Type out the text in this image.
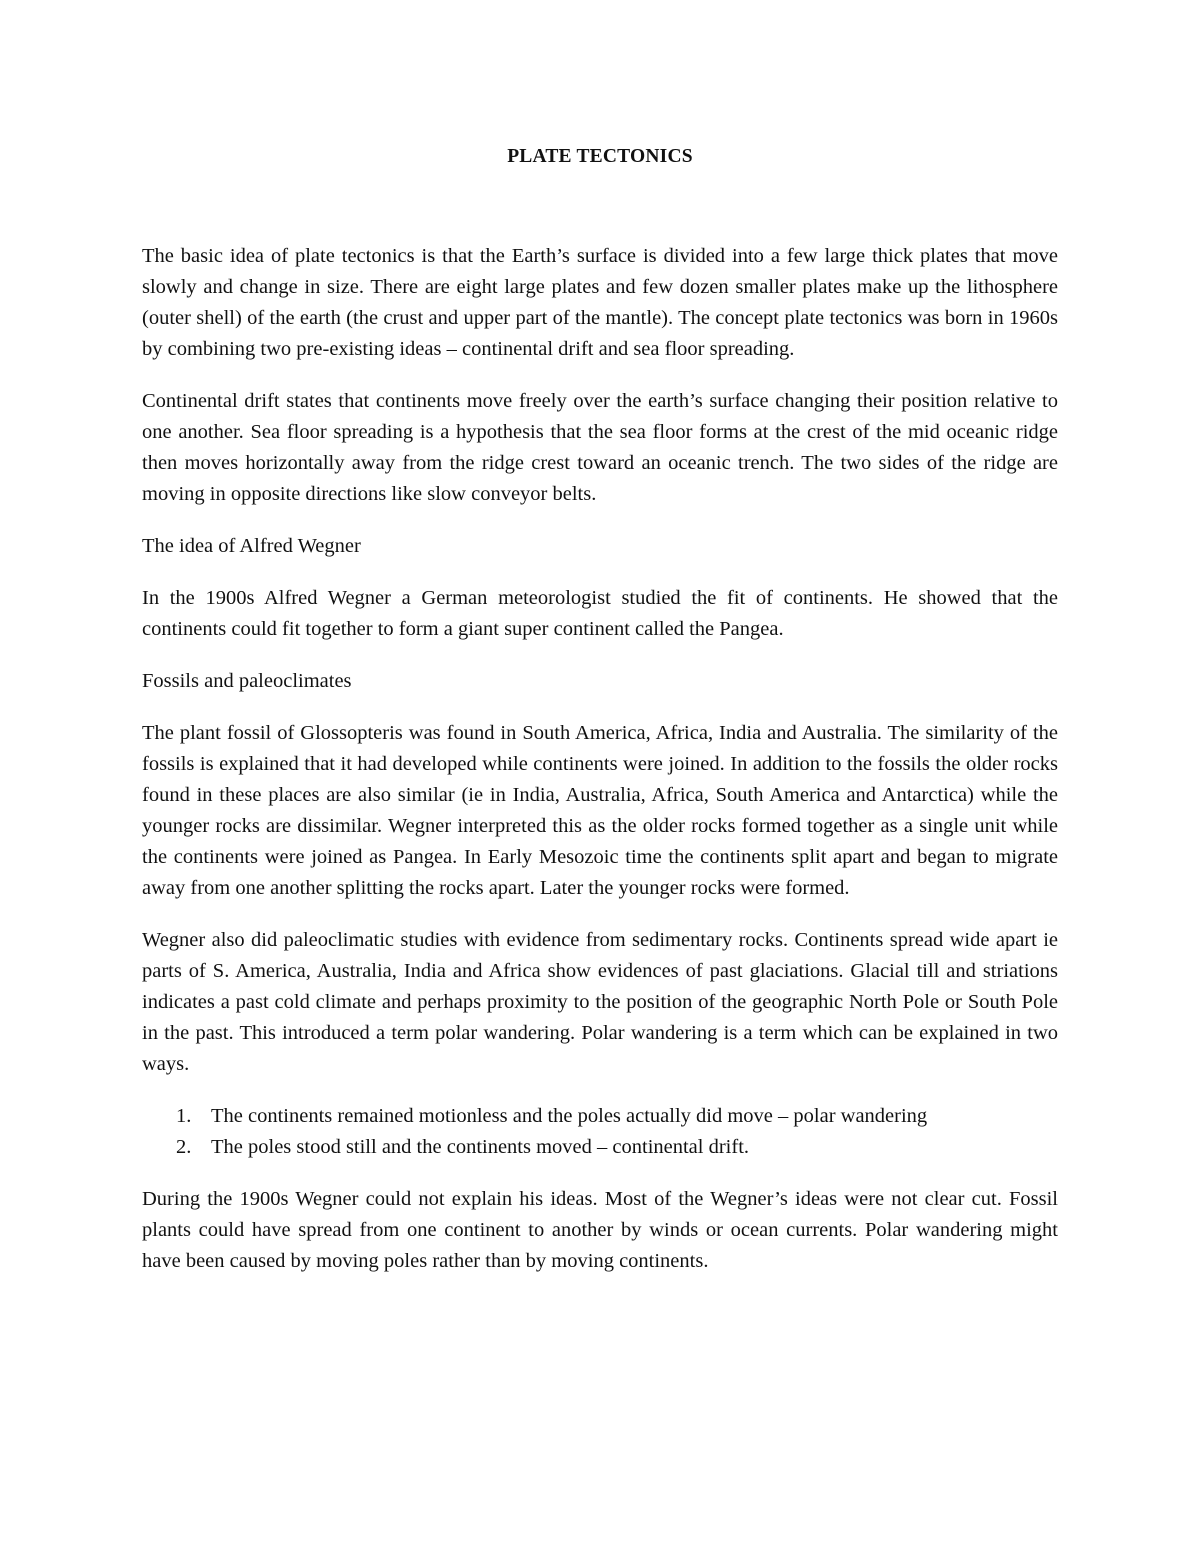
PLATE TECTONICS

The basic idea of plate tectonics is that the Earth’s surface is divided into a few large thick plates that move slowly and change in size. There are eight large plates and few dozen smaller plates make up the lithosphere (outer shell) of the earth (the crust and upper part of the mantle). The concept plate tectonics was born in 1960s by combining two pre-existing ideas – continental drift and sea floor spreading.

Continental drift states that continents move freely over the earth’s surface changing their position relative to one another. Sea floor spreading is a hypothesis that the sea floor forms at the crest of the mid oceanic ridge then moves horizontally away from the ridge crest toward an oceanic trench. The two sides of the ridge are moving in opposite directions like slow conveyor belts.

The idea of Alfred Wegner

In the 1900s Alfred Wegner a German meteorologist studied the fit of continents. He showed that the continents could fit together to form a giant super continent called the Pangea.

Fossils and paleoclimates

The plant fossil of Glossopteris was found in South America, Africa, India and Australia. The similarity of the fossils is explained that it had developed while continents were joined. In addition to the fossils the older rocks found in these places are also similar (ie in India, Australia, Africa, South America and Antarctica) while the younger rocks are dissimilar. Wegner interpreted this as the older rocks formed together as a single unit while the continents were joined as Pangea. In Early Mesozoic time the continents split apart and began to migrate away from one another splitting the rocks apart. Later the younger rocks were formed.

Wegner also did paleoclimatic studies with evidence from sedimentary rocks. Continents spread wide apart ie parts of S. America, Australia, India and Africa show evidences of past glaciations. Glacial till and striations indicates a past cold climate and perhaps proximity to the position of the geographic North Pole or South Pole in the past. This introduced a term polar wandering. Polar wandering is a term which can be explained in two ways.

1. The continents remained motionless and the poles actually did move – polar wandering
2. The poles stood still and the continents moved – continental drift.

During the 1900s Wegner could not explain his ideas. Most of the Wegner’s ideas were not clear cut. Fossil plants could have spread from one continent to another by winds or ocean currents. Polar wandering might have been caused by moving poles rather than by moving continents.
